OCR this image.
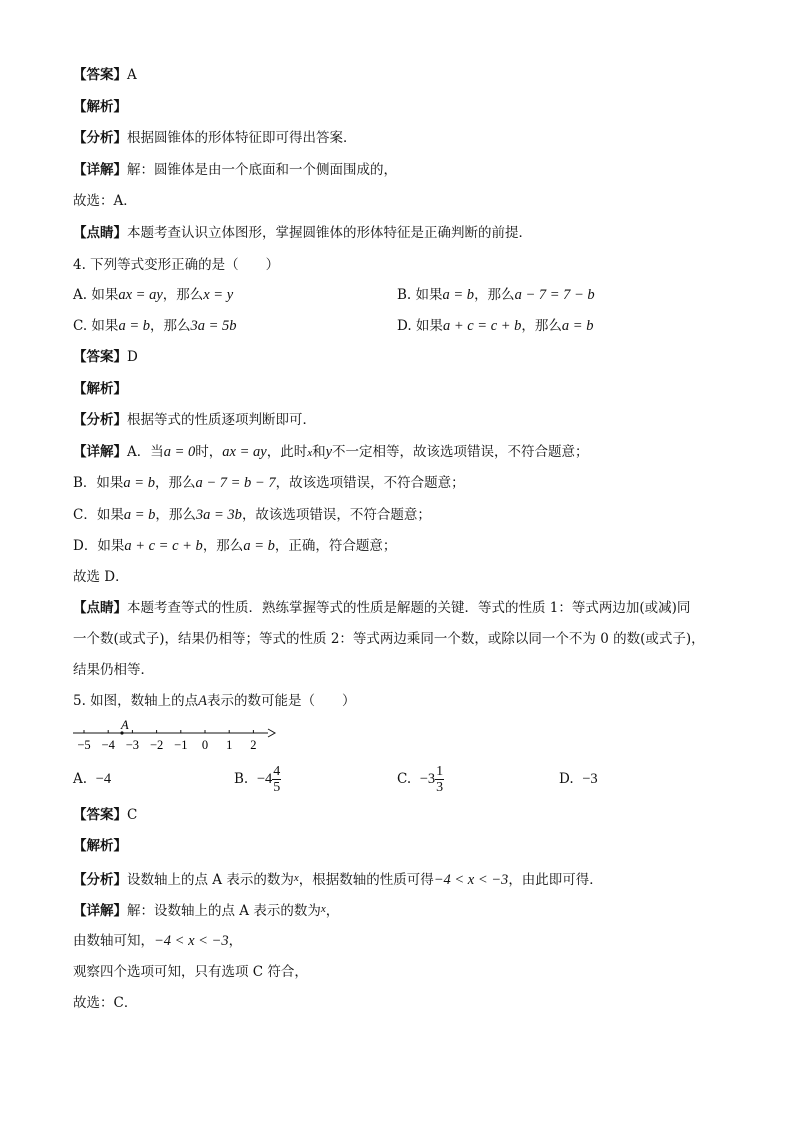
【答案】A
【解析】
【分析】根据圆锥体的形体特征即可得出答案．
【详解】解：圆锥体是由一个底面和一个侧面围成的，
故选：A．
【点睛】本题考查认识立体图形，掌握圆锥体的形体特征是正确判断的前提．
4. 下列等式变形正确的是（　　）
A. 如果ax = ay，那么x = y	B. 如果a = b，那么a − 7 = 7 − b
C. 如果a = b，那么3a = 5b	D. 如果a + c = c + b，那么a = b
【答案】D
【解析】
【分析】根据等式的性质逐项判断即可．
【详解】A．当a = 0时，ax = ay，此时x和y不一定相等，故该选项错误，不符合题意；
B．如果a = b，那么a − 7 = b − 7，故该选项错误，不符合题意；
C．如果a = b，那么3a = 3b，故该选项错误，不符合题意；
D．如果a + c = c + b，那么a = b，正确，符合题意；
故选 D．
【点睛】本题考查等式的性质．熟练掌握等式的性质是解题的关键．等式的性质 1：等式两边加(或减)同
一个数(或式子)，结果仍相等；等式的性质 2：等式两边乘同一个数，或除以同一个不为 0 的数(或式子)，
结果仍相等．
5. 如图，数轴上的点A表示的数可能是（　　）
−5 −4 −3 −2 −1 0 1 2
A
A. −4	B. $-4 \frac{4}{5}$	C. $-3 \frac{1}{3}$	D. −3
【答案】C
【解析】
【分析】设数轴上的点 A 表示的数为$^x$，根据数轴的性质可得−4 < x < −3，由此即可得．
【详解】解：设数轴上的点 A 表示的数为$^x$，
由数轴可知，−4 < x < −3，
观察四个选项可知，只有选项 C 符合，
故选：C．
